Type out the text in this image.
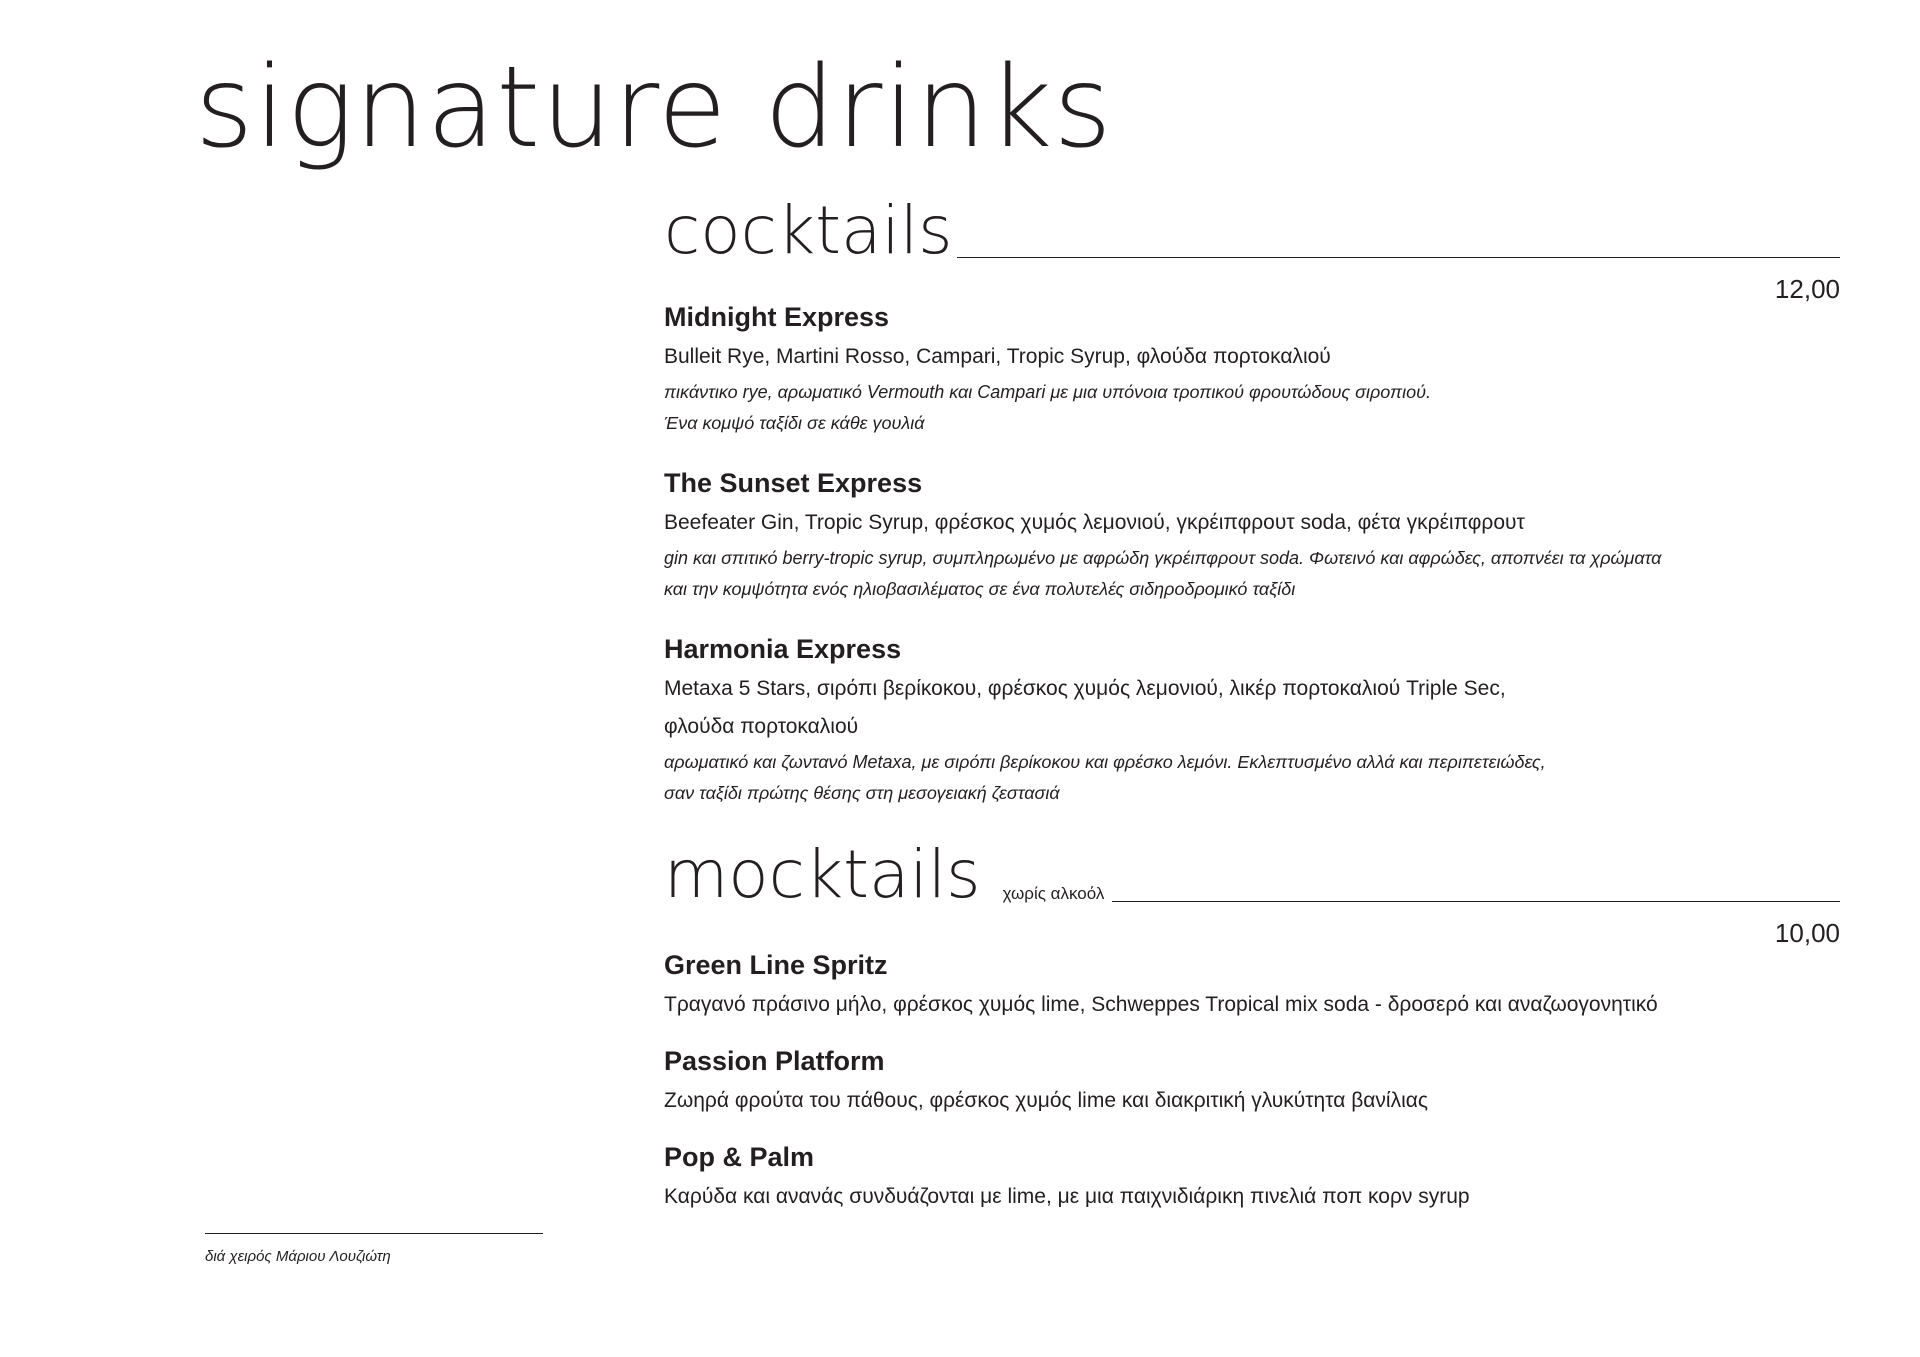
signature drinks
cocktails
12,00
Midnight Express
Bulleit Rye, Martini Rosso, Campari, Tropic Syrup, φλούδα πορτοκαλιού
πικάντικο rye, αρωματικό Vermouth και Campari με μια υπόνοια τροπικού φρουτώδους σιροπιού.
Ένα κομψό ταξίδι σε κάθε γουλιά
The Sunset Express
Beefeater Gin, Tropic Syrup, φρέσκος χυμός λεμονιού, γκρέιπφρουτ soda, φέτα γκρέιπφρουτ
gin και σπιτικό berry-tropic syrup, συμπληρωμένο με αφρώδη γκρέιπφρουτ soda. Φωτεινό και αφρώδες, αποπνέει τα χρώματα
και την κομψότητα ενός ηλιοβασιλέματος σε ένα πολυτελές σιδηροδρομικό ταξίδι
Harmonia Express
Metaxa 5 Stars, σιρόπι βερίκοκου, φρέσκος χυμός λεμονιού, λικέρ πορτοκαλιού Triple Sec,
φλούδα πορτοκαλιού
αρωματικό και ζωντανό Metaxa, με σιρόπι βερίκοκου και φρέσκο λεμόνι. Εκλεπτυσμένο αλλά και περιπετειώδες,
σαν ταξίδι πρώτης θέσης στη μεσογειακή ζεστασιά
mocktails χωρίς αλκοόλ
10,00
Green Line Spritz
Τραγανό πράσινο μήλο, φρέσκος χυμός lime, Schweppes Tropical mix soda - δροσερό και αναζωογονητικό
Passion Platform
Ζωηρά φρούτα του πάθους, φρέσκος χυμός lime και διακριτική γλυκύτητα βανίλιας
Pop & Palm
Καρύδα και ανανάς συνδυάζονται με lime, με μια παιχνιδιάρικη πινελιά ποπ κορν syrup
διά χειρός Μάριου Λουζιώτη
